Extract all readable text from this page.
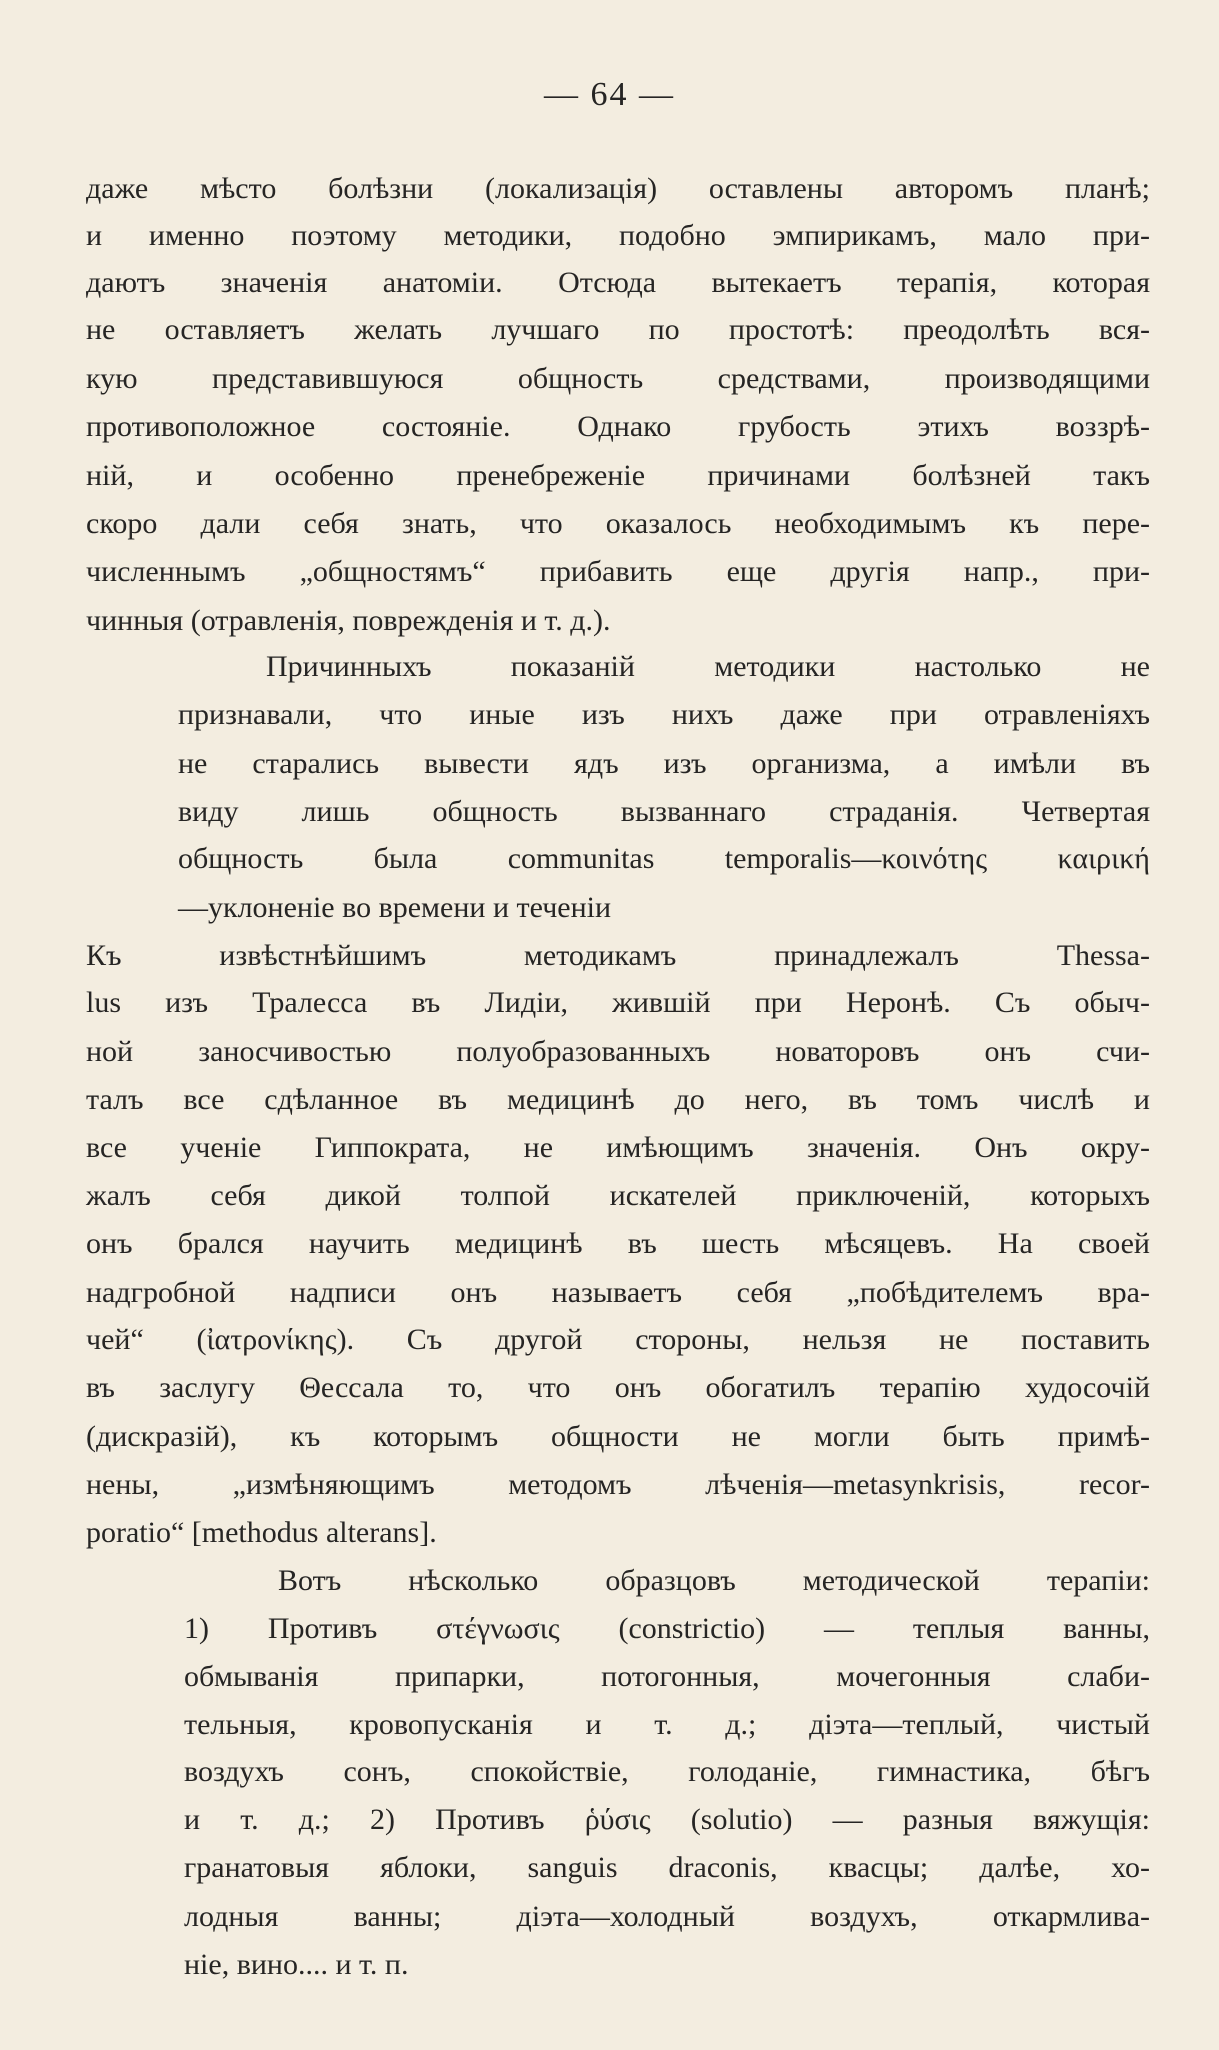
— 64 —
даже мѣсто болѣзни (локализація) оставлены авторомъ планѣ;
и именно поэтому методики, подобно эмпирикамъ, мало при-
даютъ значенія анатоміи. Отсюда вытекаетъ терапія, которая
не оставляетъ желать лучшаго по простотѣ: преодолѣть вся-
кую представившуюся общность средствами, производящими
противоположное состояніе. Однако грубость этихъ воззрѣ-
ній, и особенно пренебреженіе причинами болѣзней такъ
скоро дали себя знать, что оказалось необходимымъ къ пере-
численнымъ „общностямъ“ прибавить еще другія напр., при-
чинныя (отравленія, поврежденія и т. д.).
Причинныхъ показаній методики настолько не
признавали, что иные изъ нихъ даже при отравленіяхъ
не старались вывести ядъ изъ организма, а имѣли въ
виду лишь общность вызваннаго страданія. Четвертая
общность была communitas temporalis—κοινότης καιρική
—уклоненіе во времени и теченіи
Къ извѣстнѣйшимъ методикамъ принадлежалъ Thessa-
lus изъ Тралесса въ Лидіи, жившій при Неронѣ. Съ обыч-
ной заносчивостью полуобразованныхъ новаторовъ онъ счи-
талъ все сдѣланное въ медицинѣ до него, въ томъ числѣ и
все ученіе Гиппократа, не имѣющимъ значенія. Онъ окру-
жалъ себя дикой толпой искателей приключеній, которыхъ
онъ брался научить медицинѣ въ шесть мѣсяцевъ. На своей
надгробной надписи онъ называетъ себя „побѣдителемъ вра-
чей“ (ἰατρονίκης). Съ другой стороны, нельзя не поставить
въ заслугу Θессала то, что онъ обогатилъ терапію худосочій
(дискразій), къ которымъ общности не могли быть примѣ-
нены, „измѣняющимъ методомъ лѣченія—metasynkrisis, recor-
poratio“ [methodus alterans].
Вотъ нѣсколько образцовъ методической терапіи:
1) Противъ στέγνωσις (constrictio) — теплыя ванны,
обмыванія припарки, потогонныя, мочегонныя слаби-
тельныя, кровопусканія и т. д.; діэта—теплый, чистый
воздухъ сонъ, спокойствіе, голоданіе, гимнастика, бѣгъ
и т. д.; 2) Противъ ῥύσις (solutio) — разныя вяжущія:
гранатовыя яблоки, sanguis draconis, квасцы; далѣе, хо-
лодныя ванны; діэта—холодный воздухъ, откармливa-
ніе, вино.... и т. п.
